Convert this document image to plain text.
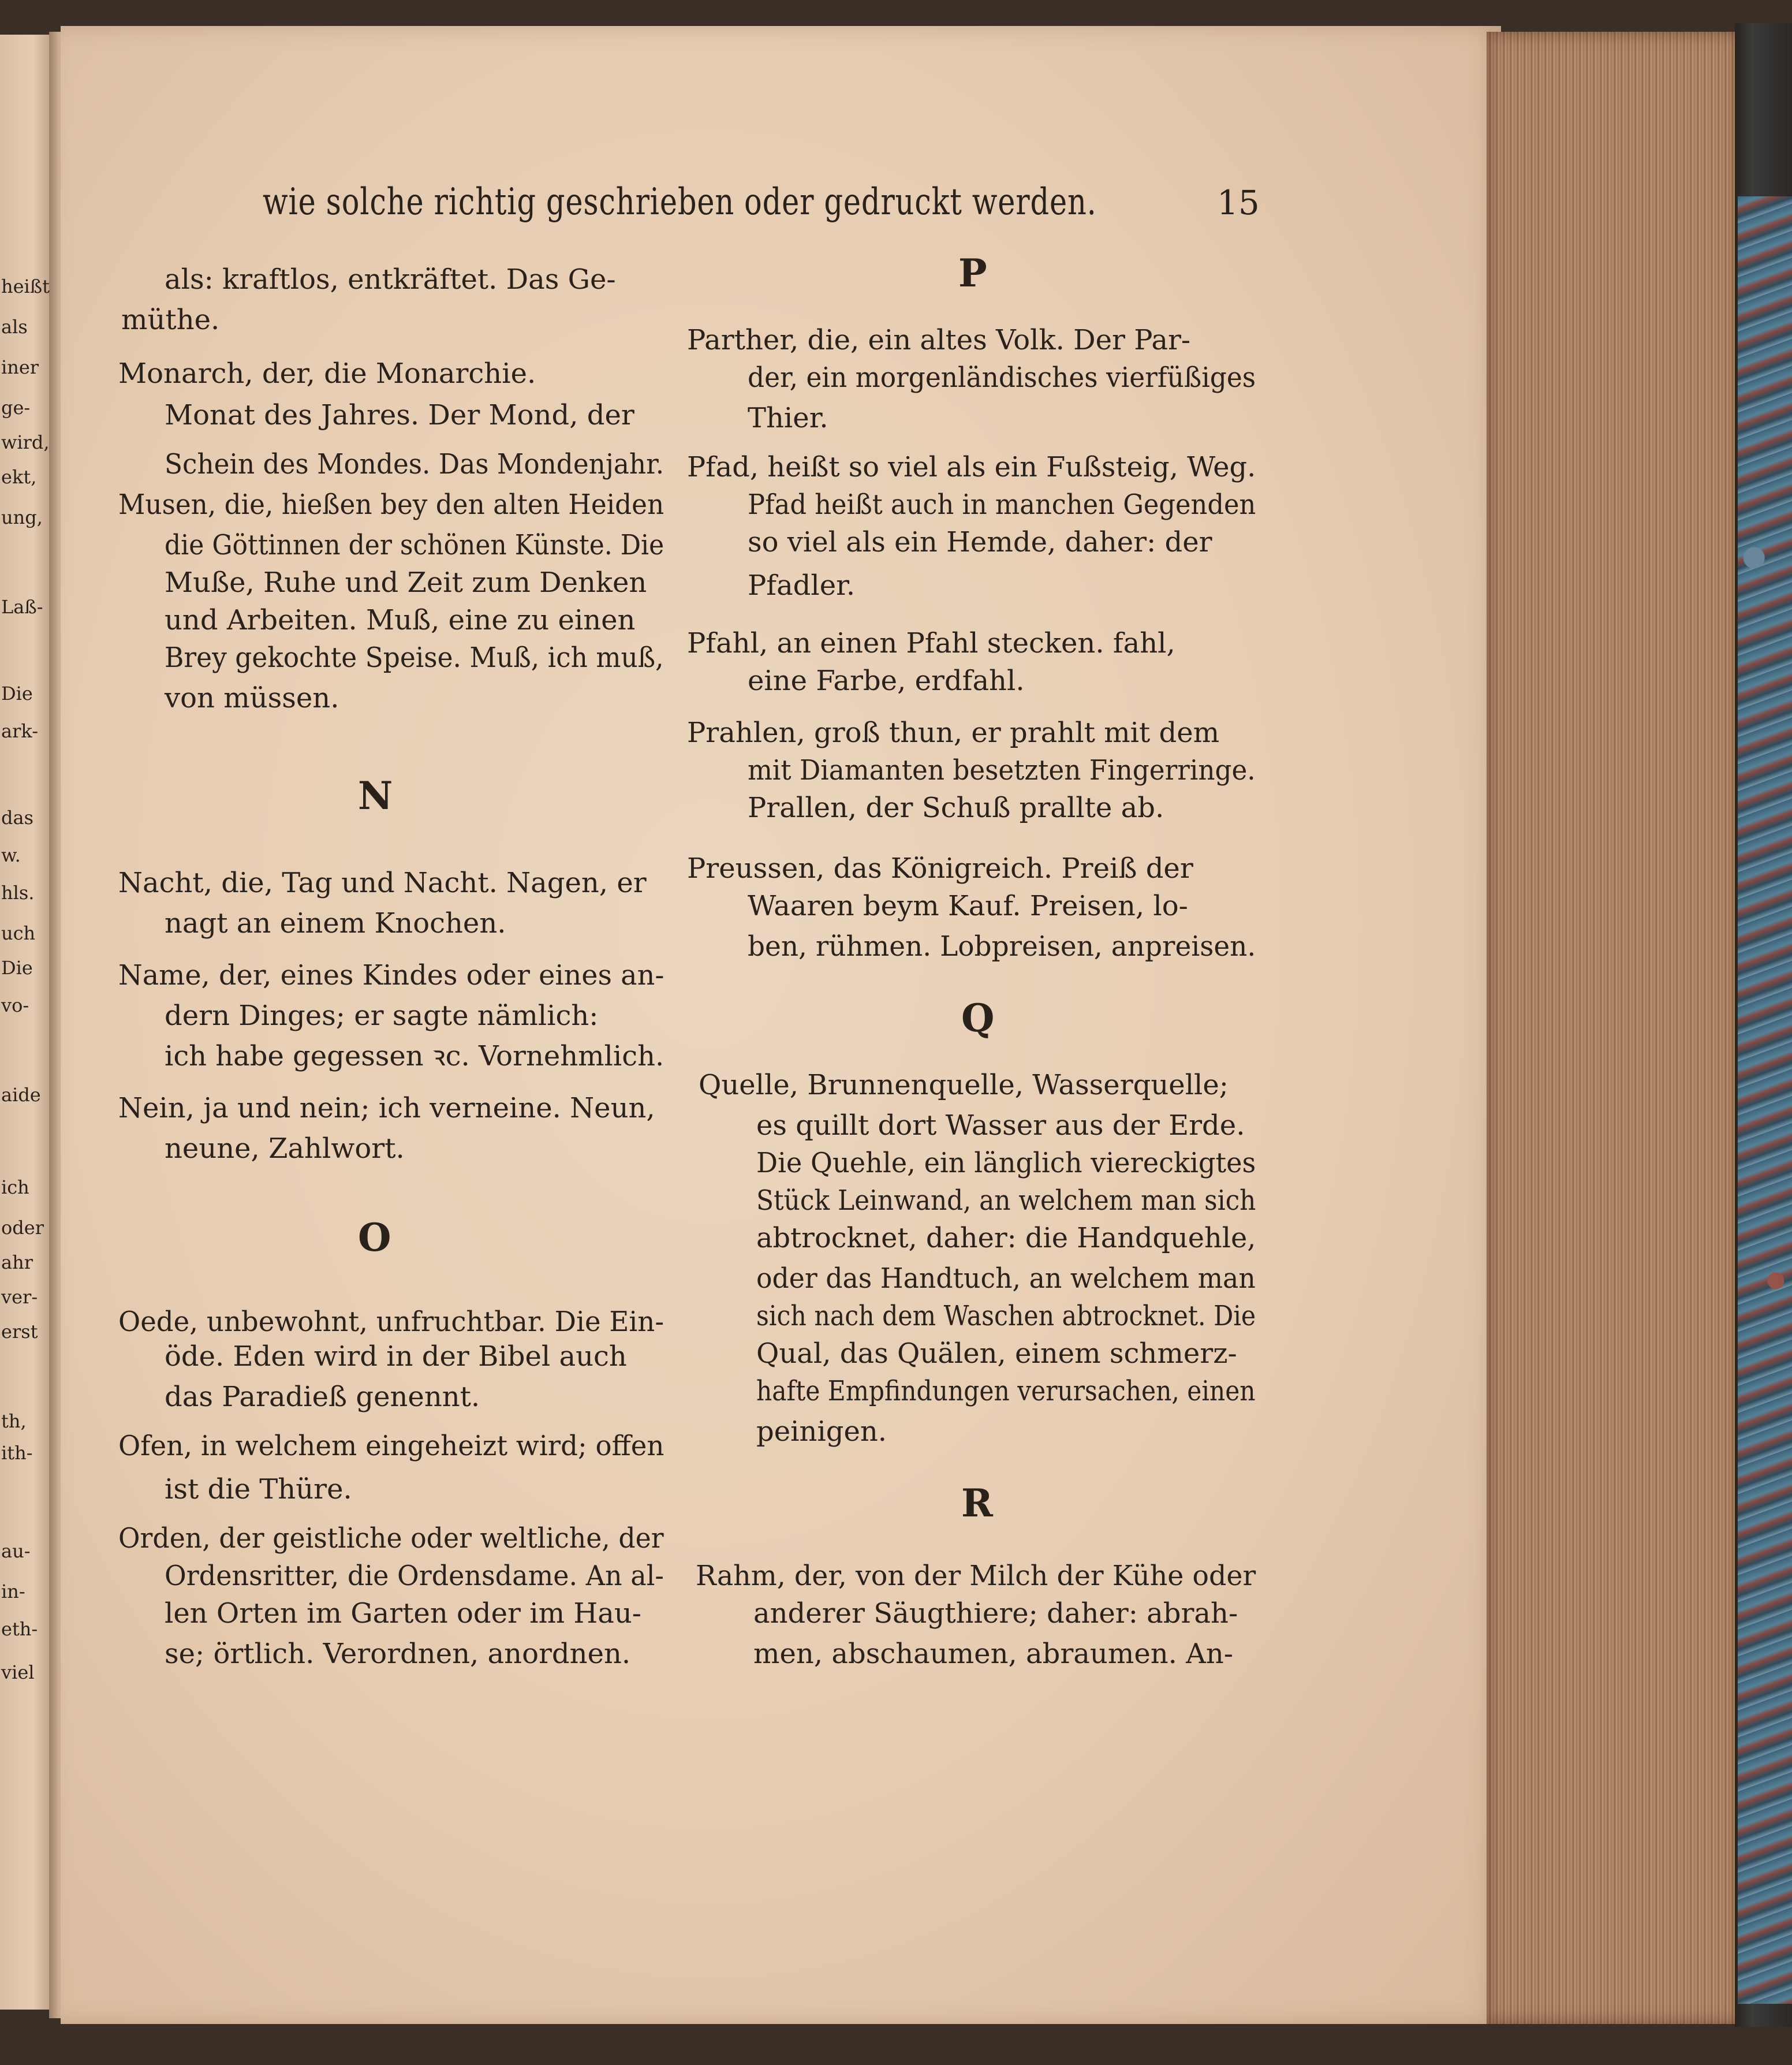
heißt
als
iner
ge-
wird,
ekt,
ung,
Laß-
Die
ark-
das
w.
hls.
uch
Die
vo-
aide
ich
oder
ahr
ver-
erst
th,
ith-
au-
in-
eth-
viel
wie solche richtig geschrieben oder gedruckt werden.	15
als: kraftlos, entkräftet. Das Ge-
müthe.
Monarch, der, die Monarchie.
Monat des Jahres. Der Mond, der
Schein des Mondes. Das Mondenjahr.
Musen, die, hießen bey den alten Heiden
die Göttinnen der schönen Künste. Die
Muße, Ruhe und Zeit zum Denken
und Arbeiten. Muß, eine zu einen
Brey gekochte Speise. Muß, ich muß,
von müssen.
N
Nacht, die, Tag und Nacht. Nagen, er
nagt an einem Knochen.
Name, der, eines Kindes oder eines an-
dern Dinges; er sagte nämlich:
ich habe gegessen ꝛc. Vornehmlich.
Nein, ja und nein; ich verneine. Neun,
neune, Zahlwort.
O
Oede, unbewohnt, unfruchtbar. Die Ein-
öde. Eden wird in der Bibel auch
das Paradieß genennt.
Ofen, in welchem eingeheizt wird; offen
ist die Thüre.
Orden, der geistliche oder weltliche, der
Ordensritter, die Ordensdame. An al-
len Orten im Garten oder im Hau-
se; örtlich. Verordnen, anordnen.
P
Parther, die, ein altes Volk. Der Par-
der, ein morgenländisches vierfüßiges
Thier.
Pfad, heißt so viel als ein Fußsteig, Weg.
Pfad heißt auch in manchen Gegenden
so viel als ein Hemde, daher: der
Pfadler.
Pfahl, an einen Pfahl stecken. fahl,
eine Farbe, erdfahl.
Prahlen, groß thun, er prahlt mit dem
mit Diamanten besetzten Fingerringe.
Prallen, der Schuß prallte ab.
Preussen, das Königreich. Preiß der
Waaren beym Kauf. Preisen, lo-
ben, rühmen. Lobpreisen, anpreisen.
Q
Quelle, Brunnenquelle, Wasserquelle;
es quillt dort Wasser aus der Erde.
Die Quehle, ein länglich viereckigtes
Stück Leinwand, an welchem man sich
abtrocknet, daher: die Handquehle,
oder das Handtuch, an welchem man
sich nach dem Waschen abtrocknet. Die
Qual, das Quälen, einem schmerz-
hafte Empfindungen verursachen, einen
peinigen.
R
Rahm, der, von der Milch der Kühe oder
anderer Säugthiere; daher: abrah-
men, abschaumen, abraumen. An-
